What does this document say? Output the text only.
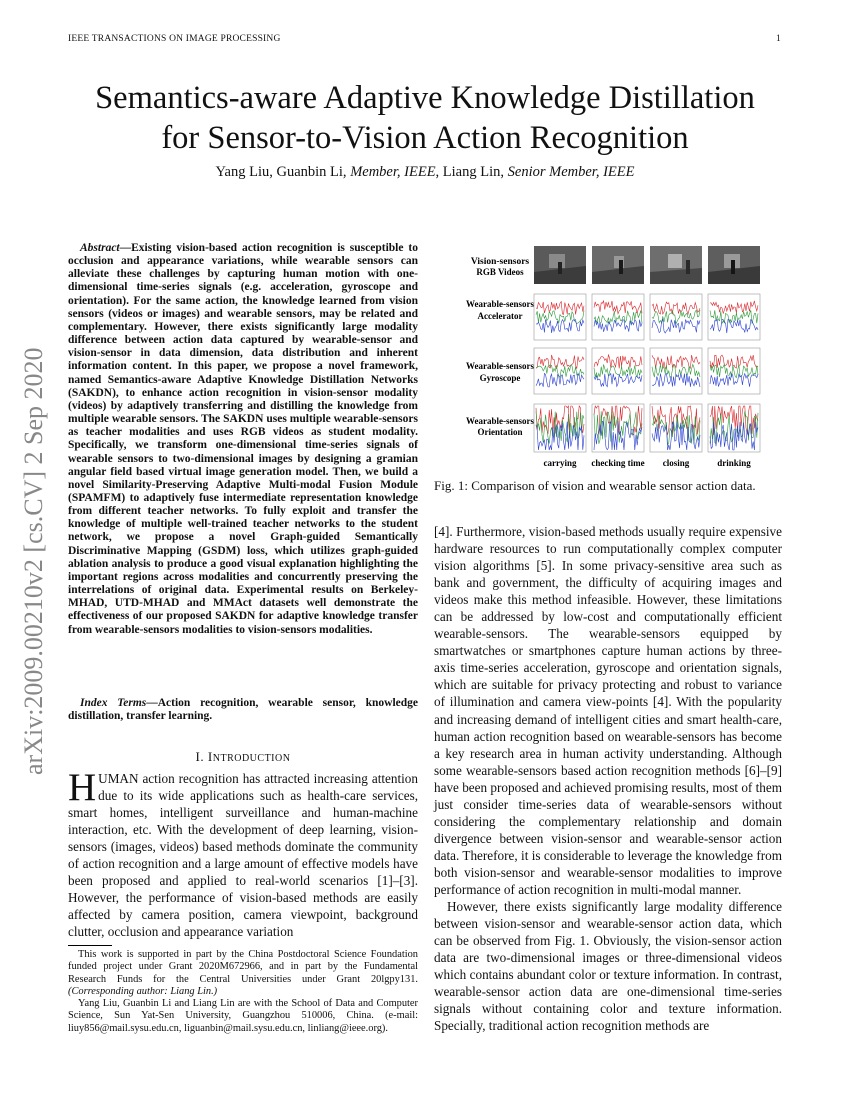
IEEE TRANSACTIONS ON IMAGE PROCESSING	1
Semantics-aware Adaptive Knowledge Distillation
for Sensor-to-Vision Action Recognition
Yang Liu, Guanbin Li, Member, IEEE, Liang Lin, Senior Member, IEEE
arXiv:2009.00210v2 [cs.CV] 2 Sep 2020

Abstract—Existing vision-based action recognition is susceptible to occlusion and appearance variations, while wearable sensors can alleviate these challenges by capturing human motion with one-dimensional time-series signals (e.g. acceleration, gyroscope and orientation). For the same action, the knowledge learned from vision sensors (videos or images) and wearable sensors, may be related and complementary. However, there exists significantly large modality difference between action data captured by wearable-sensor and vision-sensor in data dimension, data distribution and inherent information content. In this paper, we propose a novel framework, named Semantics-aware Adaptive Knowledge Distillation Networks (SAKDN), to enhance action recognition in vision-sensor modality (videos) by adaptively transferring and distilling the knowledge from multiple wearable sensors. The SAKDN uses multiple wearable-sensors as teacher modalities and uses RGB videos as student modality. Specifically, we transform one-dimensional time-series signals of wearable sensors to two-dimensional images by designing a gramian angular field based virtual image generation model. Then, we build a novel Similarity-Preserving Adaptive Multi-modal Fusion Module (SPAMFM) to adaptively fuse intermediate representation knowledge from different teacher networks. To fully exploit and transfer the knowledge of multiple well-trained teacher networks to the student network, we propose a novel Graph-guided Semantically Discriminative Mapping (GSDM) loss, which utilizes graph-guided ablation analysis to produce a good visual explanation highlighting the important regions across modalities and concurrently preserving the interrelations of original data. Experimental results on Berkeley-MHAD, UTD-MHAD and MMAct datasets well demonstrate the effectiveness of our proposed SAKDN for adaptive knowledge transfer from wearable-sensors modalities to vision-sensors modalities.

Index Terms—Action recognition, wearable sensor, knowledge distillation, transfer learning.

I. INTRODUCTION

HUMAN action recognition has attracted increasing attention due to its wide applications such as health-care services, smart homes, intelligent surveillance and human-machine interaction, etc. With the development of deep learning, vision-sensors (images, videos) based methods dominate the community of action recognition and a large amount of effective models have been proposed and applied to real-world scenarios [1]–[3]. However, the performance of vision-based methods are easily affected by camera position, camera viewpoint, background clutter, occlusion and appearance variation

This work is supported in part by the China Postdoctoral Science Foundation funded project under Grant 2020M672966, and in part by the Fundamental Research Funds for the Central Universities under Grant 20lgpy131. (Corresponding author: Liang Lin.)

Yang Liu, Guanbin Li and Liang Lin are with the School of Data and Computer Science, Sun Yat-Sen University, Guangzhou 510006, China. (e-mail: liuy856@mail.sysu.edu.cn, liguanbin@mail.sysu.edu.cn, linliang@ieee.org).

Vision-sensors
RGB Videos
Wearable-sensors
Accelerator
Wearable-sensors
Gyroscope
Wearable-sensors
Orientation
carrying checking time closing	drinking
Fig. 1: Comparison of vision and wearable sensor action data.

[4]. Furthermore, vision-based methods usually require expensive hardware resources to run computationally complex computer vision algorithms [5]. In some privacy-sensitive area such as bank and government, the difficulty of acquiring images and videos make this method infeasible. However, these limitations can be addressed by low-cost and computationally efficient wearable-sensors. The wearable-sensors equipped by smartwatches or smartphones capture human actions by three-axis time-series acceleration, gyroscope and orientation signals, which are suitable for privacy protecting and robust to variance of illumination and camera view-points [4]. With the popularity and increasing demand of intelligent cities and smart health-care, human action recognition based on wearable-sensors has become a key research area in human activity understanding. Although some wearable-sensors based action recognition methods [6]–[9] have been proposed and achieved promising results, most of them just consider time-series data of wearable-sensors without considering the complementary relationship and domain divergence between vision-sensor and wearable-sensor action data. Therefore, it is considerable to leverage the knowledge from both vision-sensor and wearable-sensor modalities to improve performance of action recognition in multi-modal manner.

However, there exists significantly large modality difference between vision-sensor and wearable-sensor action data, which can be observed from Fig. 1. Obviously, the vision-sensor action data are two-dimensional images or three-dimensional videos which contains abundant color or texture information. In contrast, wearable-sensor action data are one-dimensional time-series signals without containing color and texture information. Specially, traditional action recognition methods are
